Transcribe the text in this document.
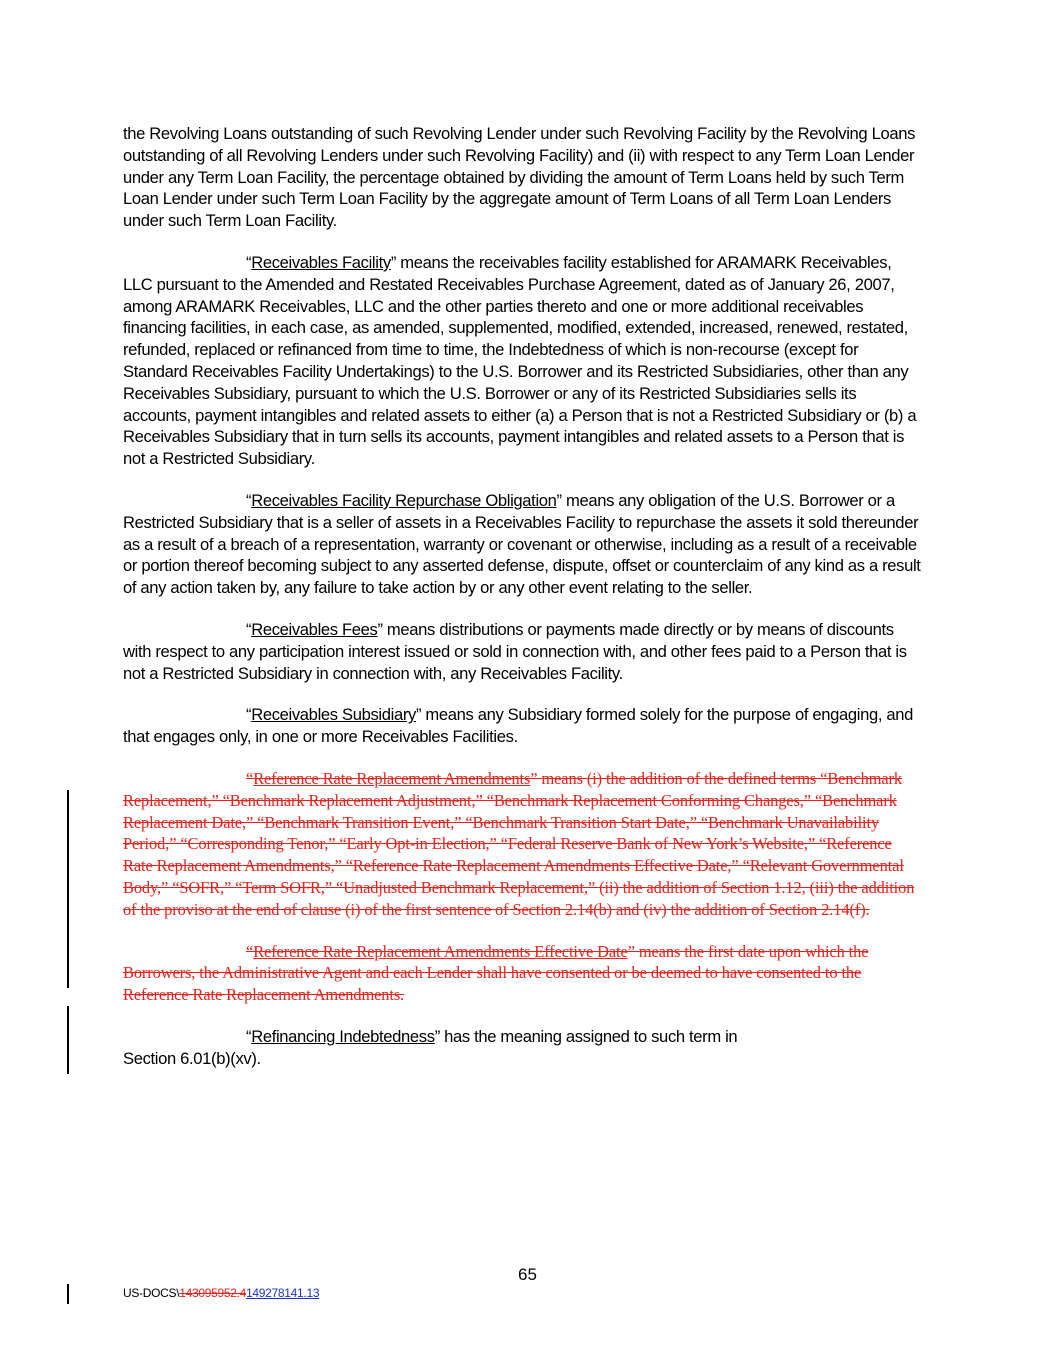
the Revolving Loans outstanding of such Revolving Lender under such Revolving Facility by the Revolving Loans outstanding of all Revolving Lenders under such Revolving Facility) and (ii) with respect to any Term Loan Lender under any Term Loan Facility, the percentage obtained by dividing the amount of Term Loans held by such Term Loan Lender under such Term Loan Facility by the aggregate amount of Term Loans of all Term Loan Lenders under such Term Loan Facility.

“Receivables Facility” means the receivables facility established for ARAMARK Receivables, LLC pursuant to the Amended and Restated Receivables Purchase Agreement, dated as of January 26, 2007, among ARAMARK Receivables, LLC and the other parties thereto and one or more additional receivables financing facilities, in each case, as amended, supplemented, modified, extended, increased, renewed, restated, refunded, replaced or refinanced from time to time, the Indebtedness of which is non-recourse (except for Standard Receivables Facility Undertakings) to the U.S. Borrower and its Restricted Subsidiaries, other than any Receivables Subsidiary, pursuant to which the U.S. Borrower or any of its Restricted Subsidiaries sells its accounts, payment intangibles and related assets to either (a) a Person that is not a Restricted Subsidiary or (b) a Receivables Subsidiary that in turn sells its accounts, payment intangibles and related assets to a Person that is not a Restricted Subsidiary.

“Receivables Facility Repurchase Obligation” means any obligation of the U.S. Borrower or a Restricted Subsidiary that is a seller of assets in a Receivables Facility to repurchase the assets it sold thereunder as a result of a breach of a representation, warranty or covenant or otherwise, including as a result of a receivable or portion thereof becoming subject to any asserted defense, dispute, offset or counterclaim of any kind as a result of any action taken by, any failure to take action by or any other event relating to the seller.

“Receivables Fees” means distributions or payments made directly or by means of discounts with respect to any participation interest issued or sold in connection with, and other fees paid to a Person that is not a Restricted Subsidiary in connection with, any Receivables Facility.

“Receivables Subsidiary” means any Subsidiary formed solely for the purpose of engaging, and that engages only, in one or more Receivables Facilities.

“Reference Rate Replacement Amendments” means (i) the addition of the defined terms “Benchmark Replacement,” “Benchmark Replacement Adjustment,” “Benchmark Replacement Conforming Changes,” “Benchmark Replacement Date,” “Benchmark Transition Event,” “Benchmark Transition Start Date,” “Benchmark Unavailability Period,” “Corresponding Tenor,” “Early Opt-in Election,” “Federal Reserve Bank of New York’s Website,” “Reference Rate Replacement Amendments,” “Reference Rate Replacement Amendments Effective Date,” “Relevant Governmental Body,” “SOFR,” “Term SOFR,” “Unadjusted Benchmark Replacement,” (ii) the addition of Section 1.12, (iii) the addition of the proviso at the end of clause (i) of the first sentence of Section 2.14(b) and (iv) the addition of Section 2.14(f).

“Reference Rate Replacement Amendments Effective Date” means the first date upon which the Borrowers, the Administrative Agent and each Lender shall have consented or be deemed to have consented to the Reference Rate Replacement Amendments.

“Refinancing Indebtedness” has the meaning assigned to such term in
Section 6.01(b)(xv).

65
US-DOCS\143095952.4149278141.13
